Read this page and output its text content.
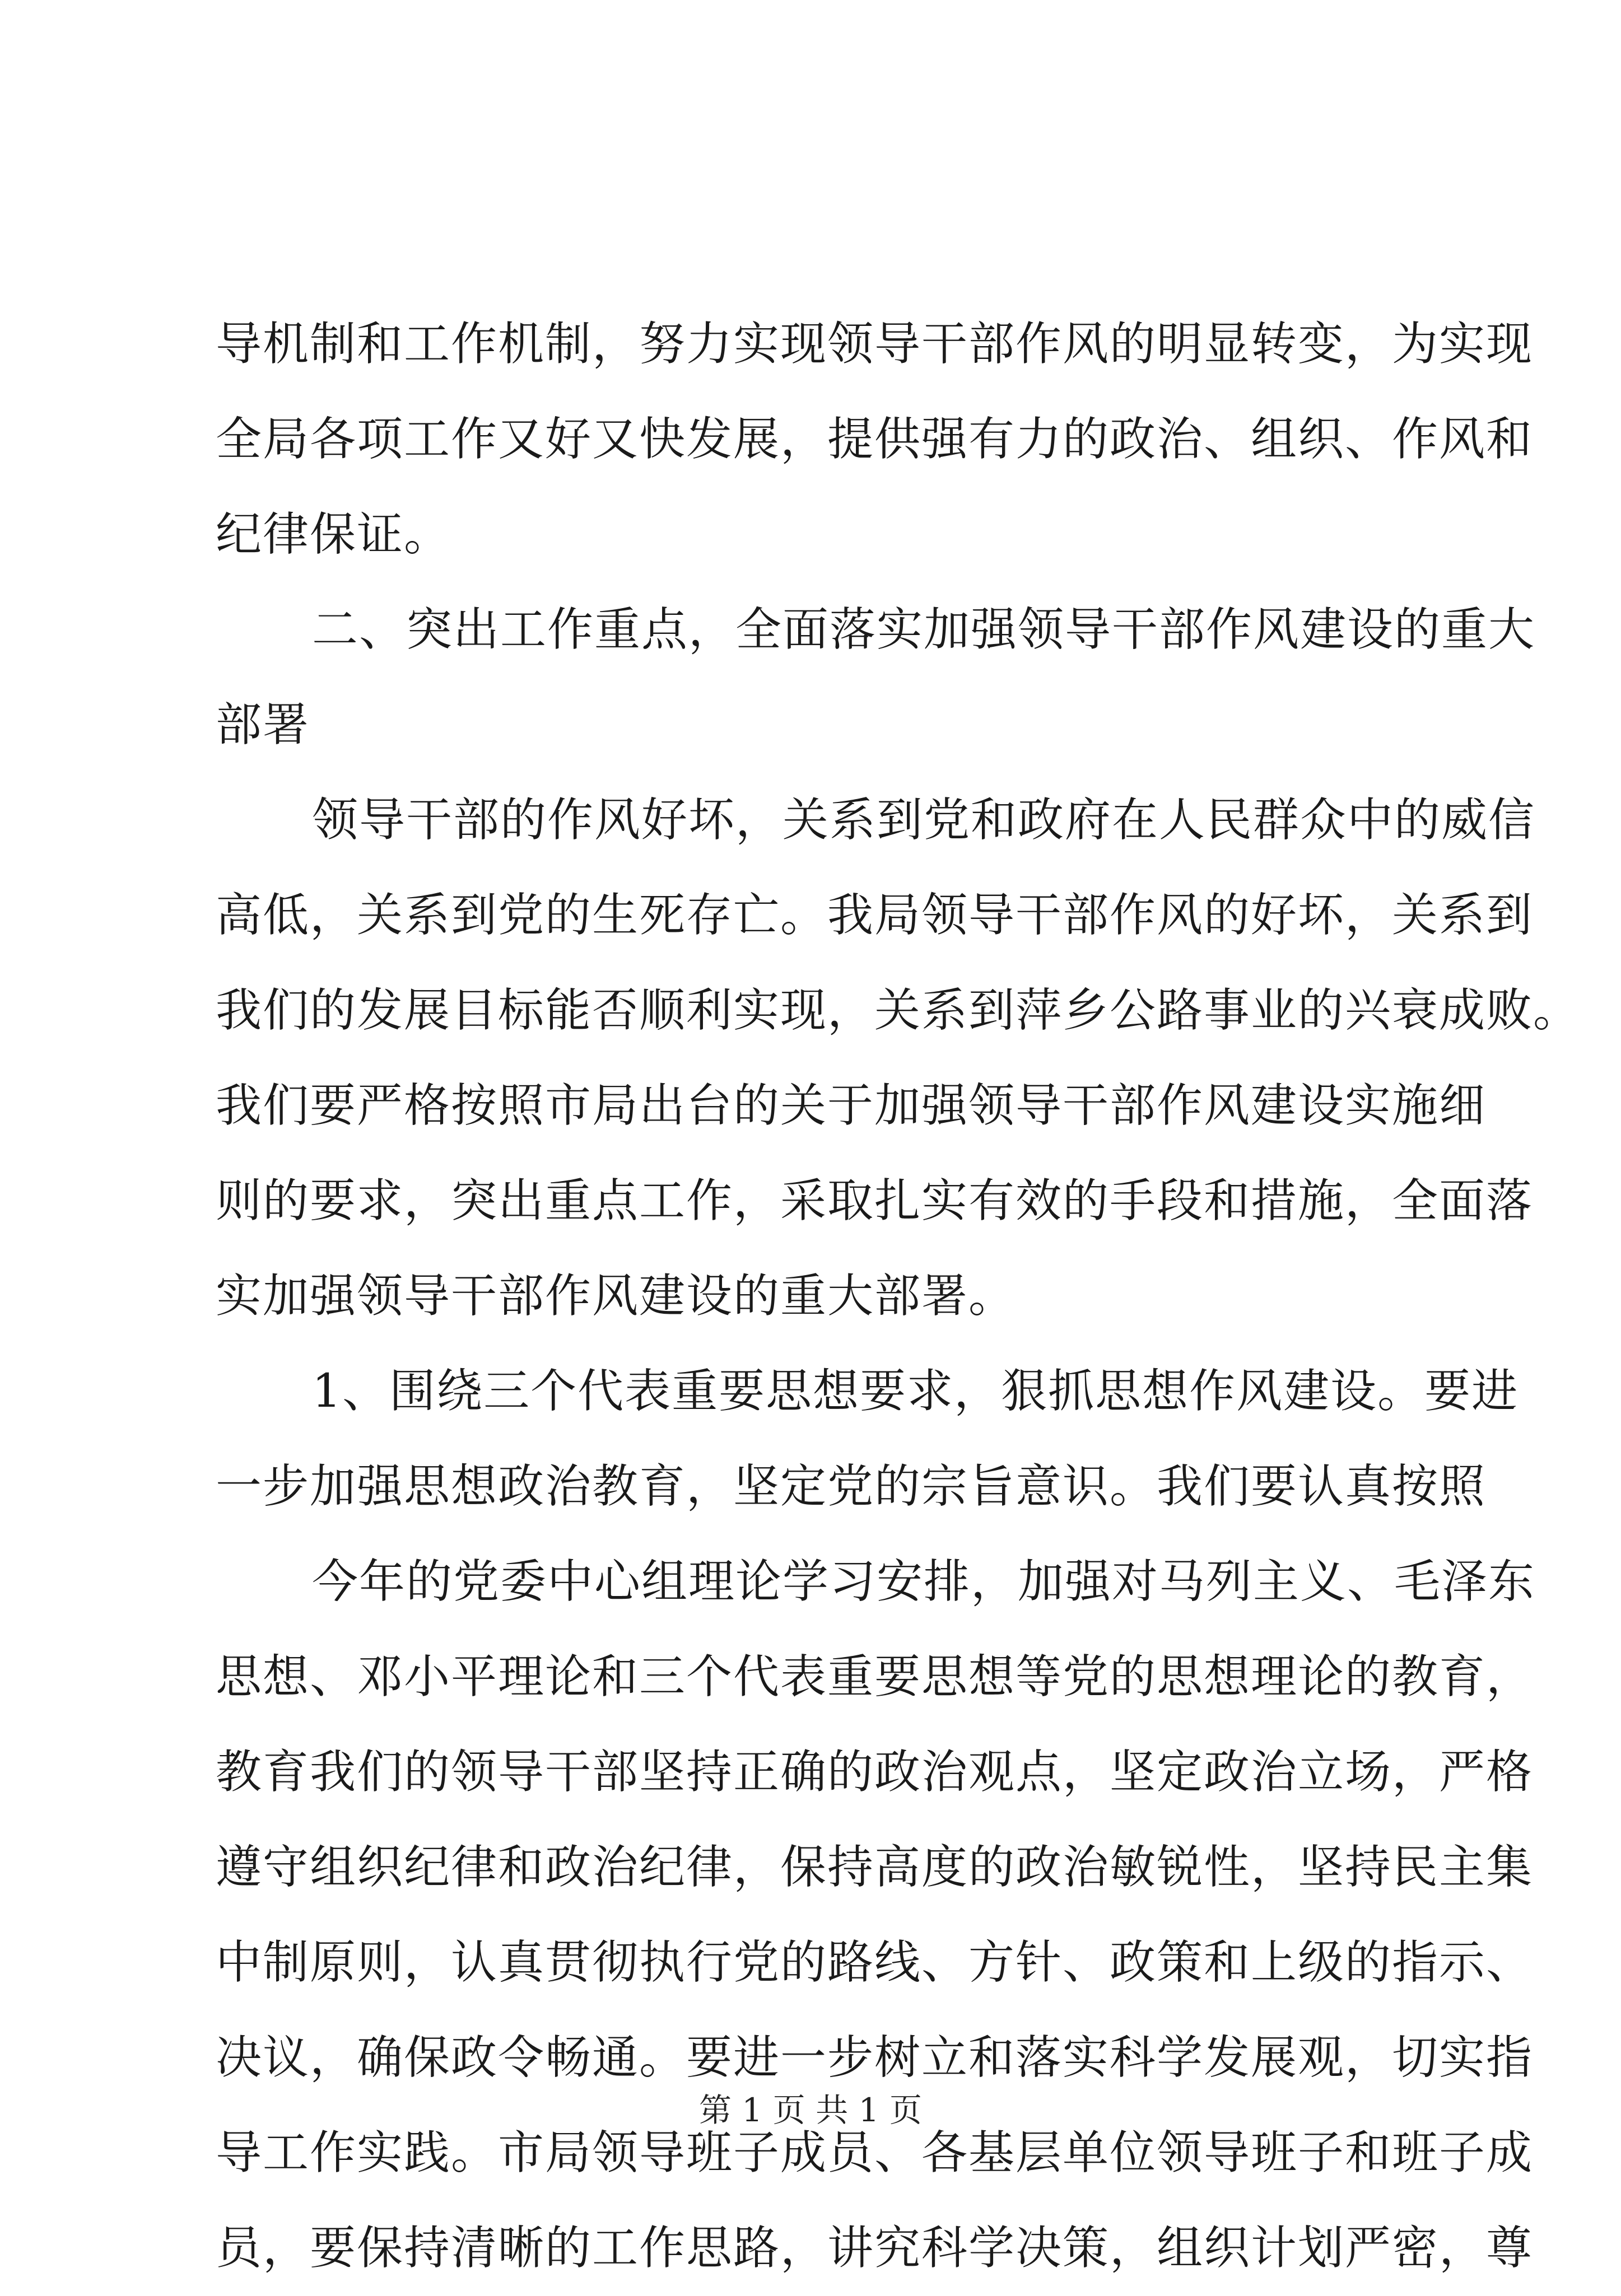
导机制和工作机制，努力实现领导干部作风的明显转变，为实现
全局各项工作又好又快发展，提供强有力的政治、组织、作风和
纪律保证。
二、突出工作重点，全面落实加强领导干部作风建设的重大
部署
领导干部的作风好坏，关系到党和政府在人民群众中的威信
高低，关系到党的生死存亡。我局领导干部作风的好坏，关系到
我们的发展目标能否顺利实现，关系到萍乡公路事业的兴衰成败。
我们要严格按照市局出台的关于加强领导干部作风建设实施细
则的要求，突出重点工作，采取扎实有效的手段和措施，全面落
实加强领导干部作风建设的重大部署。
1、围绕三个代表重要思想要求，狠抓思想作风建设。要进
一步加强思想政治教育，坚定党的宗旨意识。我们要认真按照
今年的党委中心组理论学习安排，加强对马列主义、毛泽东
思想、邓小平理论和三个代表重要思想等党的思想理论的教育，
教育我们的领导干部坚持正确的政治观点，坚定政治立场，严格
遵守组织纪律和政治纪律，保持高度的政治敏锐性，坚持民主集
中制原则，认真贯彻执行党的路线、方针、政策和上级的指示、
决议，确保政令畅通。要进一步树立和落实科学发展观，切实指
导工作实践。市局领导班子成员、各基层单位领导班子和班子成
员，要保持清晰的工作思路，讲究科学决策，组织计划严密，尊
第 1 页 共 1 页
